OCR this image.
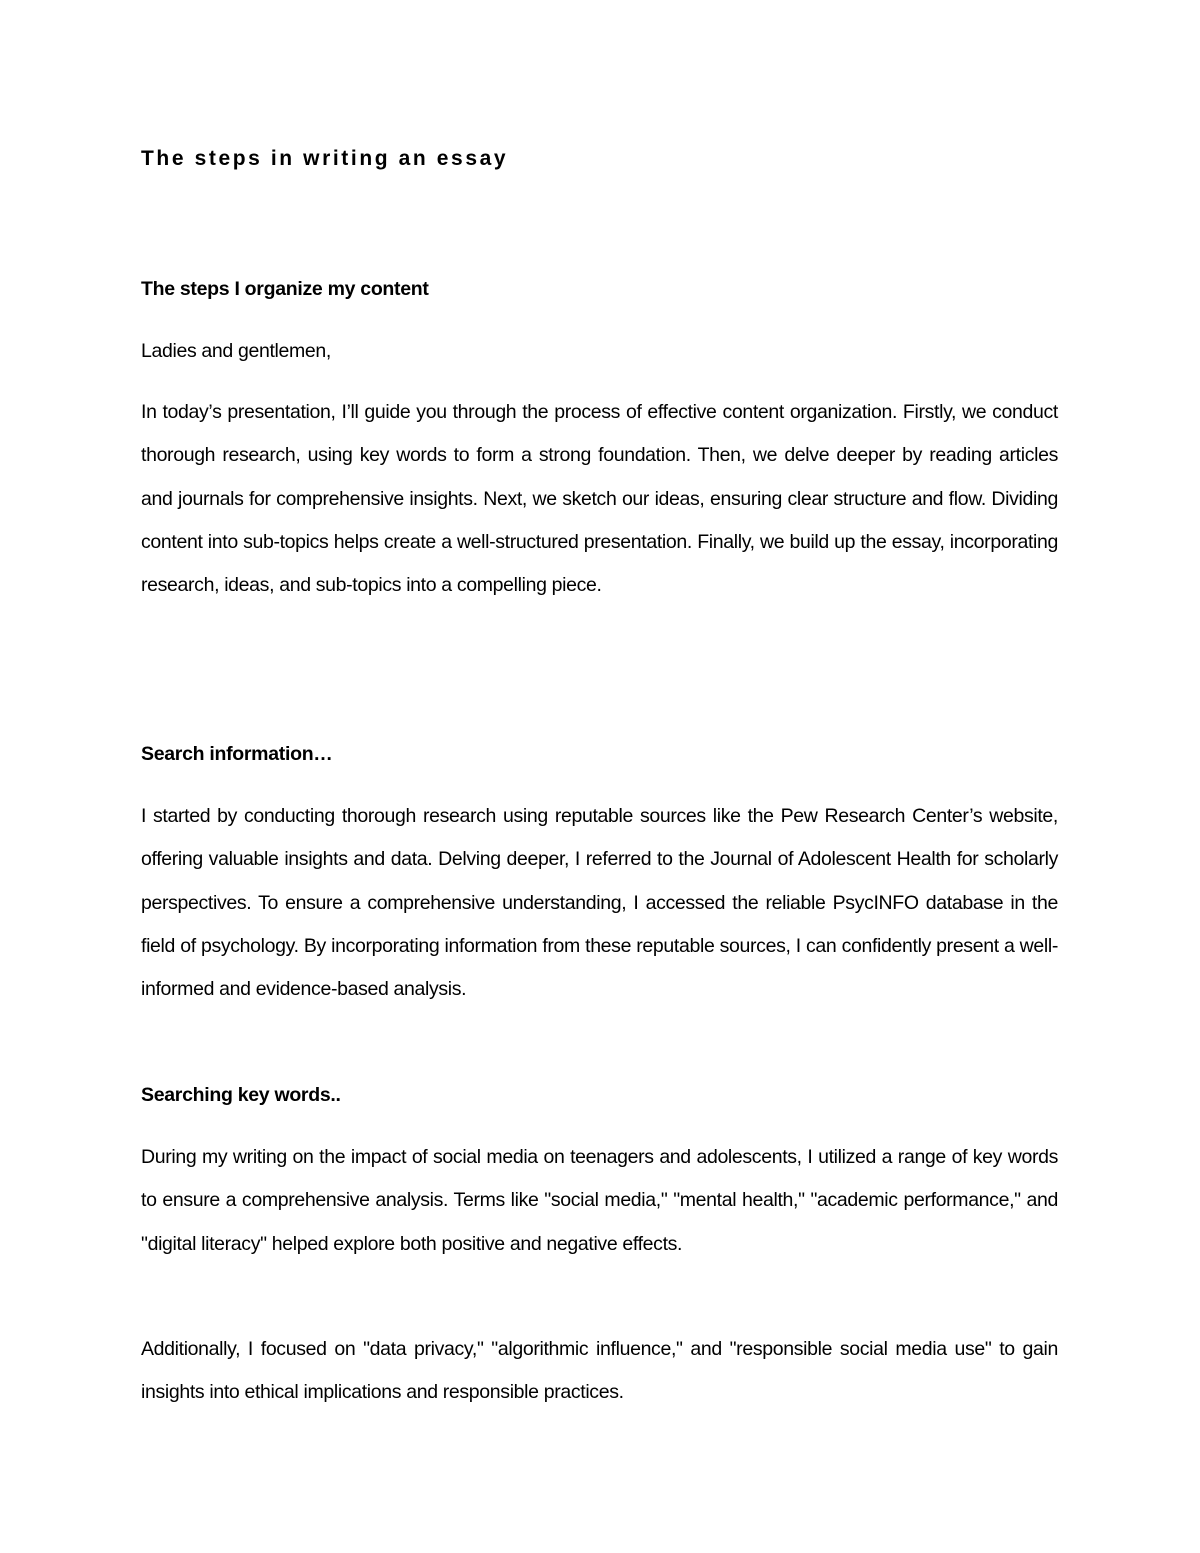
The steps in writing an essay
The steps I organize my content

Ladies and gentlemen,

In today’s presentation, I’ll guide you through the process of effective content organization. Firstly, we conduct thorough research, using key words to form a strong foundation. Then, we delve deeper by reading articles and journals for comprehensive insights. Next, we sketch our ideas, ensuring clear structure and flow. Dividing content into sub-topics helps create a well-structured presentation. Finally, we build up the essay, incorporating research, ideas, and sub-topics into a compelling piece.

Search information…

I started by conducting thorough research using reputable sources like the Pew Research Center’s website, offering valuable insights and data. Delving deeper, I referred to the Journal of Adolescent Health for scholarly perspectives. To ensure a comprehensive understanding, I accessed the reliable PsycINFO database in the field of psychology. By incorporating information from these reputable sources, I can confidently present a well-informed and evidence-based analysis.

Searching key words..

During my writing on the impact of social media on teenagers and adolescents, I utilized a range of key words to ensure a comprehensive analysis. Terms like "social media," "mental health," "academic performance," and "digital literacy" helped explore both positive and negative effects.

Additionally, I focused on "data privacy," "algorithmic influence," and "responsible social media use" to gain insights into ethical implications and responsible practices.
